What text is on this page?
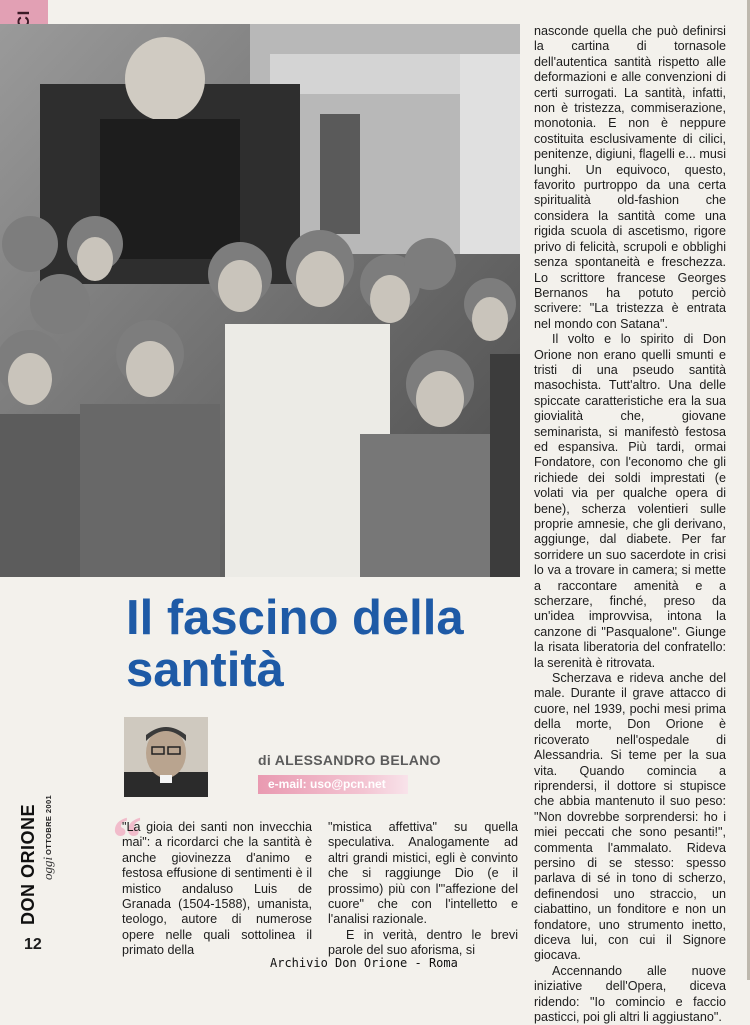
Il fascino della
santità
di ALESSANDRO BELANO
e-mail: uso@pcn.net
“

"La gioia dei santi non invecchia mai": a ricordarci che la santità è anche giovinezza d'animo e festosa effusione di sentimenti è il mistico andaluso Luis de Granada (1504-1588), umanista, teologo, autore di numerose opere nelle quali sottolinea il primato della

"mistica affettiva" su quella speculativa. Analogamente ad altri grandi mistici, egli è convinto che si raggiunge Dio (e il prossimo) più con l'"affezione del cuore" che con l'intelletto e l'analisi razionale.

E in verità, dentro le brevi parole del suo aforisma, si

nasconde quella che può definirsi la cartina di tornasole dell'autentica santità rispetto alle deformazioni e alle convenzioni di certi surrogati. La santità, infatti, non è tristezza, commiserazione, monotonia. E non è neppure costituita esclusivamente di cilici, penitenze, digiuni, flagelli e... musi lunghi. Un equivoco, questo, favorito purtroppo da una certa spiritualità old-fashion che considera la santità come una rigida scuola di ascetismo, rigore privo di felicità, scrupoli e obblighi senza spontaneità e freschezza. Lo scrittore francese Georges Bernanos ha potuto perciò scrivere: "La tristezza è entrata nel mondo con Satana".

Il volto e lo spirito di Don Orione non erano quelli smunti e tristi di una pseudo santità masochista. Tutt'altro. Una delle spiccate caratteristiche era la sua giovialità che, giovane seminarista, si manifestò festosa ed espansiva. Più tardi, ormai Fondatore, con l'economo che gli richiede dei soldi imprestati (e volati via per qualche opera di bene), scherza volentieri sulle proprie amnesie, che gli derivano, aggiunge, dal diabete. Per far sorridere un suo sacerdote in crisi lo va a trovare in camera; si mette a raccontare amenità e a scherzare, finché, preso da un'idea improvvisa, intona la canzone di "Pasqualone". Giunge la risata liberatoria del confratello: la serenità è ritrovata.

Scherzava e rideva anche del male. Durante il grave attacco di cuore, nel 1939, pochi mesi prima della morte, Don Orione è ricoverato nell'ospedale di Alessandria. Si teme per la sua vita. Quando comincia a riprendersi, il dottore si stupisce che abbia mantenuto il suo peso: "Non dovrebbe sorprendersi: ho i miei peccati che sono pesanti!", commenta l'ammalato. Rideva persino di se stesso: spesso parlava di sé in tono di scherzo, definendosi uno straccio, un ciabattino, un fonditore e non un fondatore, uno strumento inetto, diceva lui, con cui il Signore giocava.

Accennando alle nuove iniziative dell'Opera, diceva ridendo: "Io comincio e faccio pasticci, poi gli altri li aggiustano".

OTTOBRE 2001
oggi
DON ORIONE
12
Archivio Don Orione - Roma
